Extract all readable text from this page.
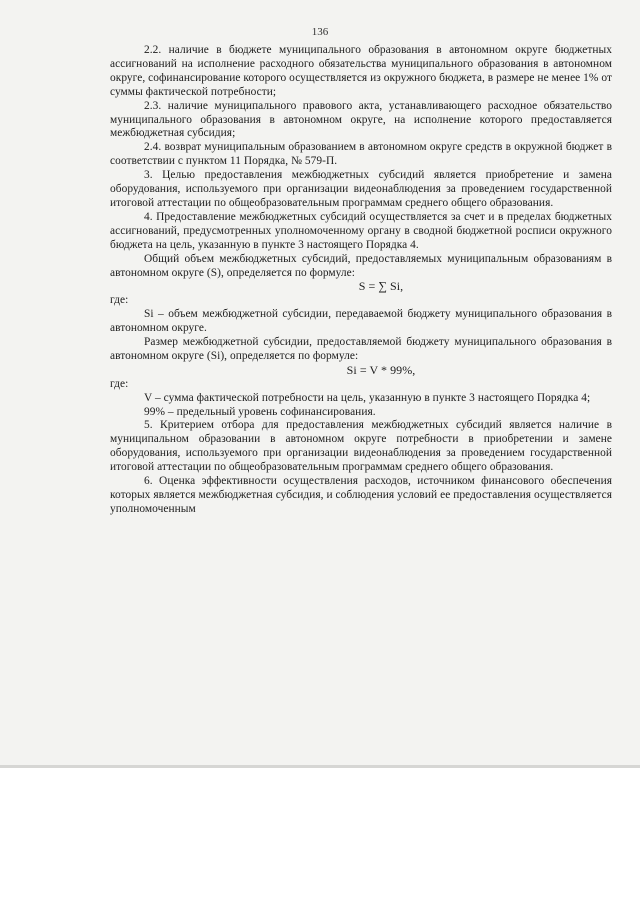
136

2.2. наличие в бюджете муниципального образования в автономном округе бюджетных ассигнований на исполнение расходного обязательства муниципального образования в автономном округе, софинансирование которого осуществляется из окружного бюджета, в размере не менее 1% от суммы фактической потребности;

2.3. наличие муниципального правового акта, устанавливающего расходное обязательство муниципального образования в автономном округе, на исполнение которого предоставляется межбюджетная субсидия;

2.4. возврат муниципальным образованием в автономном округе средств в окружной бюджет в соответствии с пунктом 11 Порядка, № 579-П.

3. Целью предоставления межбюджетных субсидий является приобретение и замена оборудования, используемого при организации видеонаблюдения за проведением государственной итоговой аттестации по общеобразовательным программам среднего общего образования.

4. Предоставление межбюджетных субсидий осуществляется за счет и в пределах бюджетных ассигнований, предусмотренных уполномоченному органу в сводной бюджетной росписи окружного бюджета на цель, указанную в пункте 3 настоящего Порядка 4.

Общий объем межбюджетных субсидий, предоставляемых муниципальным образованиям в автономном округе (S), определяется по формуле:

S = ∑ Si,

где:

Si – объем межбюджетной субсидии, передаваемой бюджету муниципального образования в автономном округе.

Размер межбюджетной субсидии, предоставляемой бюджету муниципального образования в автономном округе (Si), определяется по формуле:

Si = V * 99%,

где:

V – сумма фактической потребности на цель, указанную в пункте 3 настоящего Порядка 4;

99% – предельный уровень софинансирования.

5. Критерием отбора для предоставления межбюджетных субсидий является наличие в муниципальном образовании в автономном округе потребности в приобретении и замене оборудования, используемого при организации видеонаблюдения за проведением государственной итоговой аттестации по общеобразовательным программам среднего общего образования.

6. Оценка эффективности осуществления расходов, источником финансового обеспечения которых является межбюджетная субсидия, и соблюдения условий ее предоставления осуществляется уполномоченным
